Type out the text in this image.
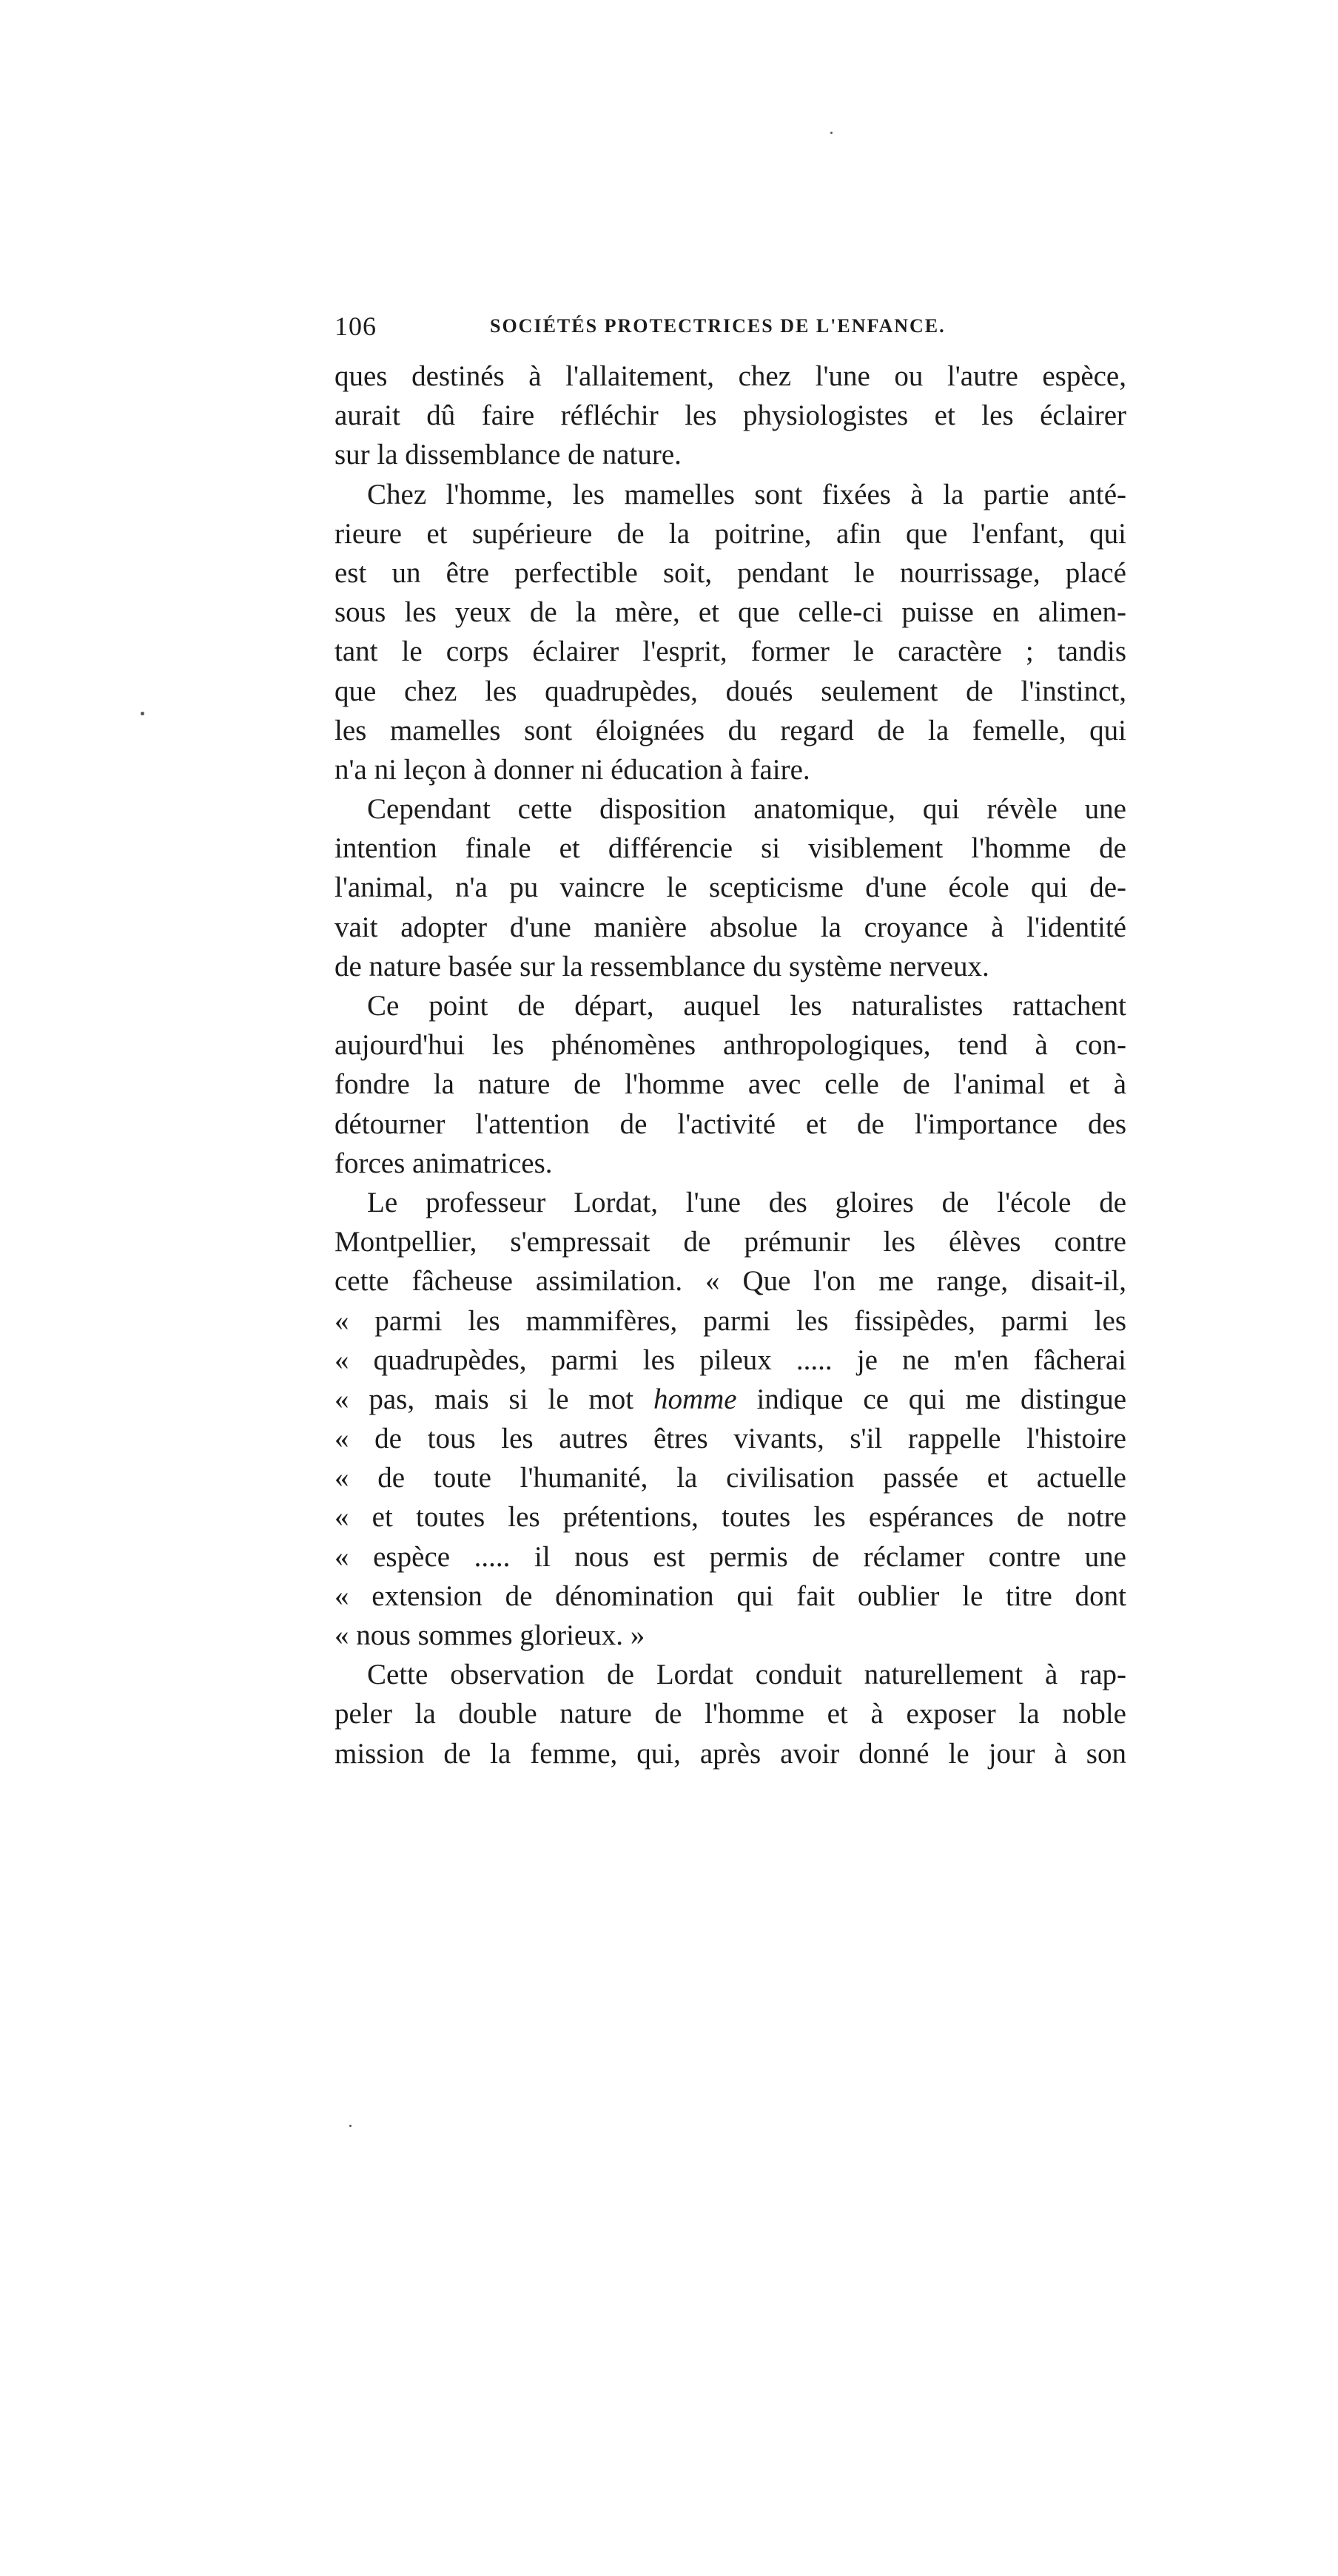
106	SOCIÉTÉS PROTECTRICES DE L'ENFANCE.
ques destinés à l'allaitement, chez l'une ou l'autre espèce,
aurait dû faire réfléchir les physiologistes et les éclairer
sur la dissemblance de nature.
Chez l'homme, les mamelles sont fixées à la partie anté-
rieure et supérieure de la poitrine, afin que l'enfant, qui
est un être perfectible soit, pendant le nourrissage, placé
sous les yeux de la mère, et que celle-ci puisse en alimen-
tant le corps éclairer l'esprit, former le caractère ; tandis
que chez les quadrupèdes, doués seulement de l'instinct,
les mamelles sont éloignées du regard de la femelle, qui
n'a ni leçon à donner ni éducation à faire.
Cependant cette disposition anatomique, qui révèle une
intention finale et différencie si visiblement l'homme de
l'animal, n'a pu vaincre le scepticisme d'une école qui de-
vait adopter d'une manière absolue la croyance à l'identité
de nature basée sur la ressemblance du système nerveux.
Ce point de départ, auquel les naturalistes rattachent
aujourd'hui les phénomènes anthropologiques, tend à con-
fondre la nature de l'homme avec celle de l'animal et à
détourner l'attention de l'activité et de l'importance des
forces animatrices.
Le professeur Lordat, l'une des gloires de l'école de
Montpellier, s'empressait de prémunir les élèves contre
cette fâcheuse assimilation. « Que l'on me range, disait-il,
« parmi les mammifères, parmi les fissipèdes, parmi les
« quadrupèdes, parmi les pileux ..... je ne m'en fâcherai
« pas, mais si le mot homme indique ce qui me distingue
« de tous les autres êtres vivants, s'il rappelle l'histoire
« de toute l'humanité, la civilisation passée et actuelle
« et toutes les prétentions, toutes les espérances de notre
« espèce ..... il nous est permis de réclamer contre une
« extension de dénomination qui fait oublier le titre dont
« nous sommes glorieux. »
Cette observation de Lordat conduit naturellement à rap-
peler la double nature de l'homme et à exposer la noble
mission de la femme, qui, après avoir donné le jour à son
